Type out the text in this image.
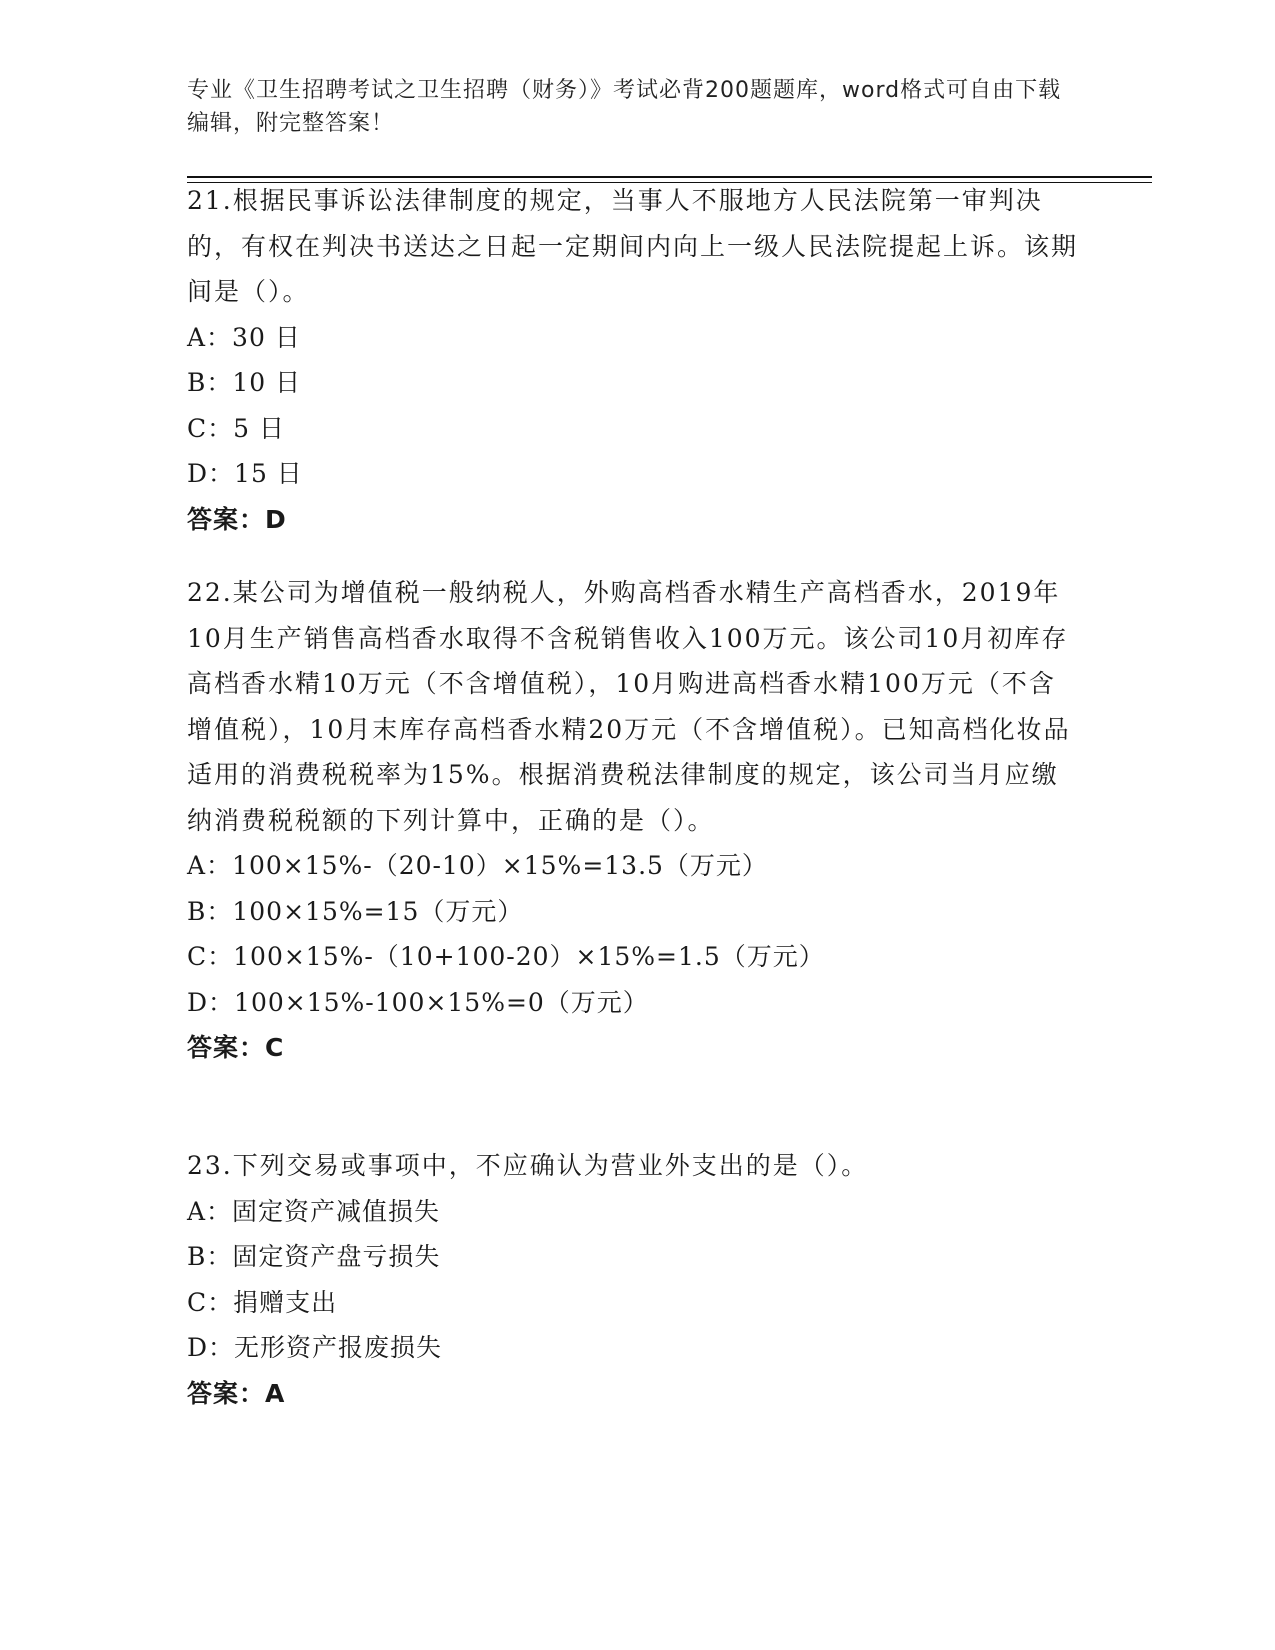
专业《卫生招聘考试之卫生招聘（财务）》考试必背200题题库，word格式可自由下载编辑，附完整答案！
21.根据民事诉讼法律制度的规定，当事人不服地方人民法院第一审判决的，有权在判决书送达之日起一定期间内向上一级人民法院提起上诉。该期间是（）。
A：30 日
B：10 日
C：5 日
D：15 日
答案：D
22.某公司为增值税一般纳税人，外购高档香水精生产高档香水，2019年10月生产销售高档香水取得不含税销售收入100万元。该公司10月初库存高档香水精10万元（不含增值税），10月购进高档香水精100万元（不含增值税），10月末库存高档香水精20万元（不含增值税）。已知高档化妆品适用的消费税税率为15%。根据消费税法律制度的规定，该公司当月应缴纳消费税税额的下列计算中，正确的是（）。
A：100×15%-（20-10）×15%=13.5（万元）
B：100×15%=15（万元）
C：100×15%-（10+100-20）×15%=1.5（万元）
D：100×15%-100×15%=0（万元）
答案：C
23.下列交易或事项中，不应确认为营业外支出的是（）。
A：固定资产减值损失
B：固定资产盘亏损失
C：捐赠支出
D：无形资产报废损失
答案：A
